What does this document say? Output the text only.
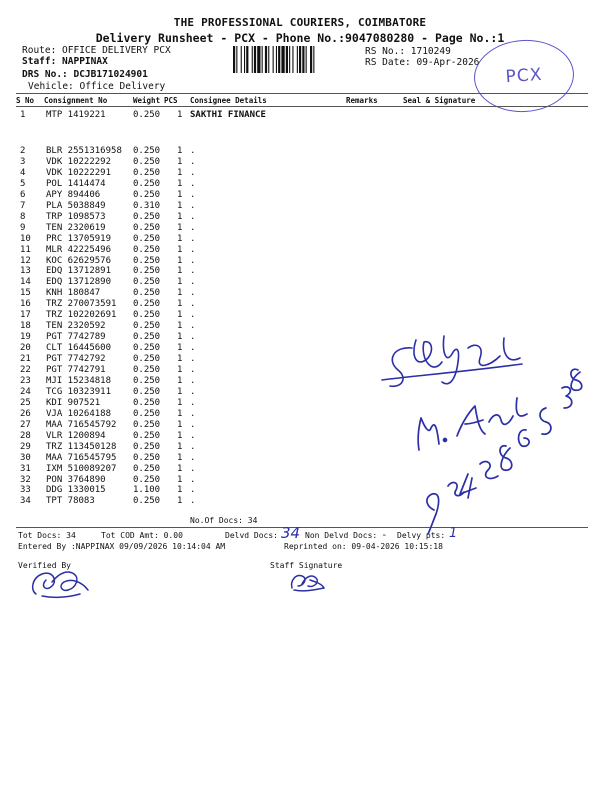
THE PROFESSIONAL COURIERS, COIMBATORE
Delivery Runsheet - PCX - Phone No.:9047080280 - Page No.:1
Route: OFFICE DELIVERY PCX
Staff: NAPPINAX
DRS No.: DCJB171024901
Vehicle: Office Delivery
RS No.: 1710249
RS Date: 09-Apr-2026
PCX
S No Consignment No	Weight PCS Consignee Details	Remarks	Seal & Signature
1 MTP 1419221	0.250 1 SAKTHI FINANCE
2 BLR 2551316958 0.250 1 .
3 VDK 10222292 0.250 1 .
4 VDK 10222291 0.250 1 .
5 POL 1414474	0.250 1 .
6 APY 894406	0.250 1 .
7 PLA 5038849	0.310 1 .
8 TRP 1098573	0.250 1 .
9 TEN 2320619	0.250 1 .
10 PRC 13705919 0.250 1 .
11 MLR 42225496 0.250 1 .
12 KOC 62629576 0.250 1 .
13 EDQ 13712891 0.250 1 .
14 EDQ 13712890 0.250 1 .
15 KNH 180847	0.250 1 .
16 TRZ 270073591 0.250 1 .
17 TRZ 102202691 0.250 1 .
18 TEN 2320592	0.250 1 .
19 PGT 7742789	0.250 1 .
20 CLT 16445600 0.250 1 .
21 PGT 7742792	0.250 1 .
22 PGT 7742791	0.250 1 .
23 MJI 15234818 0.250 1 .
24 TCG 10323911 0.250 1 .
25 KDI 907521	0.250 1 .
26 VJA 10264188 0.250 1 .
27 MAA 716545792 0.250 1 .
28 VLR 1200894	0.250 1 .
29 TRZ 113450128 0.250 1 .
30 MAA 716545795 0.250 1 .
31 IXM 510089207 0.250 1 .
32 PON 3764890	0.250 1 .
33 DDG 1330015	1.100 1 .
34 TPT 78083	0.250 1 .
No.Of Docs: 34
Tot Docs: 34	Tot COD Amt: 0.00	Delvd Docs: 34 Non Delvd Docs: - Delvy pts: 1
Entered By :NAPPINAX 09/09/2026 10:14:04 AM	Reprinted on: 09-04-2026 10:15:18
Verified By	Staff Signature
